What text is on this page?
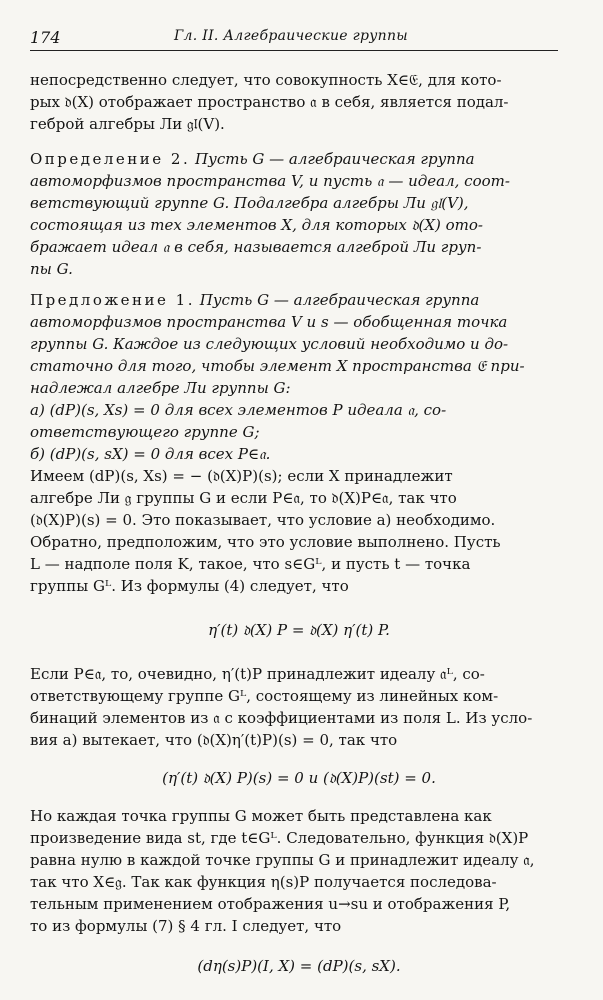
174	Гл. II. Алгебраические группы
непосредственно следует, что совокупность X∈𝔈, для кото-
рых 𝔡(X) отображает пространство 𝔞 в себя, является подал-
геброй алгебры Ли 𝔤𝔩(V).
Определение 2. Пусть G — алгебраическая группа
автоморфизмов пространства V, и пусть 𝔞 — идеал, соот-
ветствующий группе G. Подалгебра алгебры Ли 𝔤𝔩(V),
состоящая из тех элементов X, для которых 𝔡(X) ото-
бражает идеал 𝔞 в себя, называется алгеброй Ли груп-
пы G.
Предложение 1. Пусть G — алгебраическая группа
автоморфизмов пространства V и s — обобщенная точка
группы G. Каждое из следующих условий необходимо и до-
статочно для того, чтобы элемент X пространства 𝔈 при-
надлежал алгебре Ли группы G:
а) (dP)(s, Xs) = 0 для всех элементов P идеала 𝔞, со-
ответствующего группе G;
б) (dP)(s, sX) = 0 для всех P∈𝔞.
Имеем (dP)(s, Xs) = − (𝔡(X)P)(s); если X принадлежит
алгебре Ли 𝔤 группы G и если P∈𝔞, то 𝔡(X)P∈𝔞, так что
(𝔡(X)P)(s) = 0. Это показывает, что условие а) необходимо.
Обратно, предположим, что это условие выполнено. Пусть
L — надполе поля K, такое, что s∈Gᴸ, и пусть t — точка
группы Gᴸ. Из формулы (4) следует, что
η′(t) 𝔡(X) P = 𝔡(X) η′(t) P.
Если P∈𝔞, то, очевидно, η′(t)P принадлежит идеалу 𝔞ᴸ, со-
ответствующему группе Gᴸ, состоящему из линейных ком-
бинаций элементов из 𝔞 с коэффициентами из поля L. Из усло-
вия а) вытекает, что (𝔡(X)η′(t)P)(s) = 0, так что
(η′(t) 𝔡(X) P)(s) = 0 и (𝔡(X)P)(st) = 0.
Но каждая точка группы G может быть представлена как
произведение вида st, где t∈Gᴸ. Следовательно, функция 𝔡(X)P
равна нулю в каждой точке группы G и принадлежит идеалу 𝔞,
так что X∈𝔤. Так как функция η(s)P получается последова-
тельным применением отображения u→su и отображения P,
то из формулы (7) § 4 гл. I следует, что
(dη(s)P)(I, X) = (dP)(s, sX).
